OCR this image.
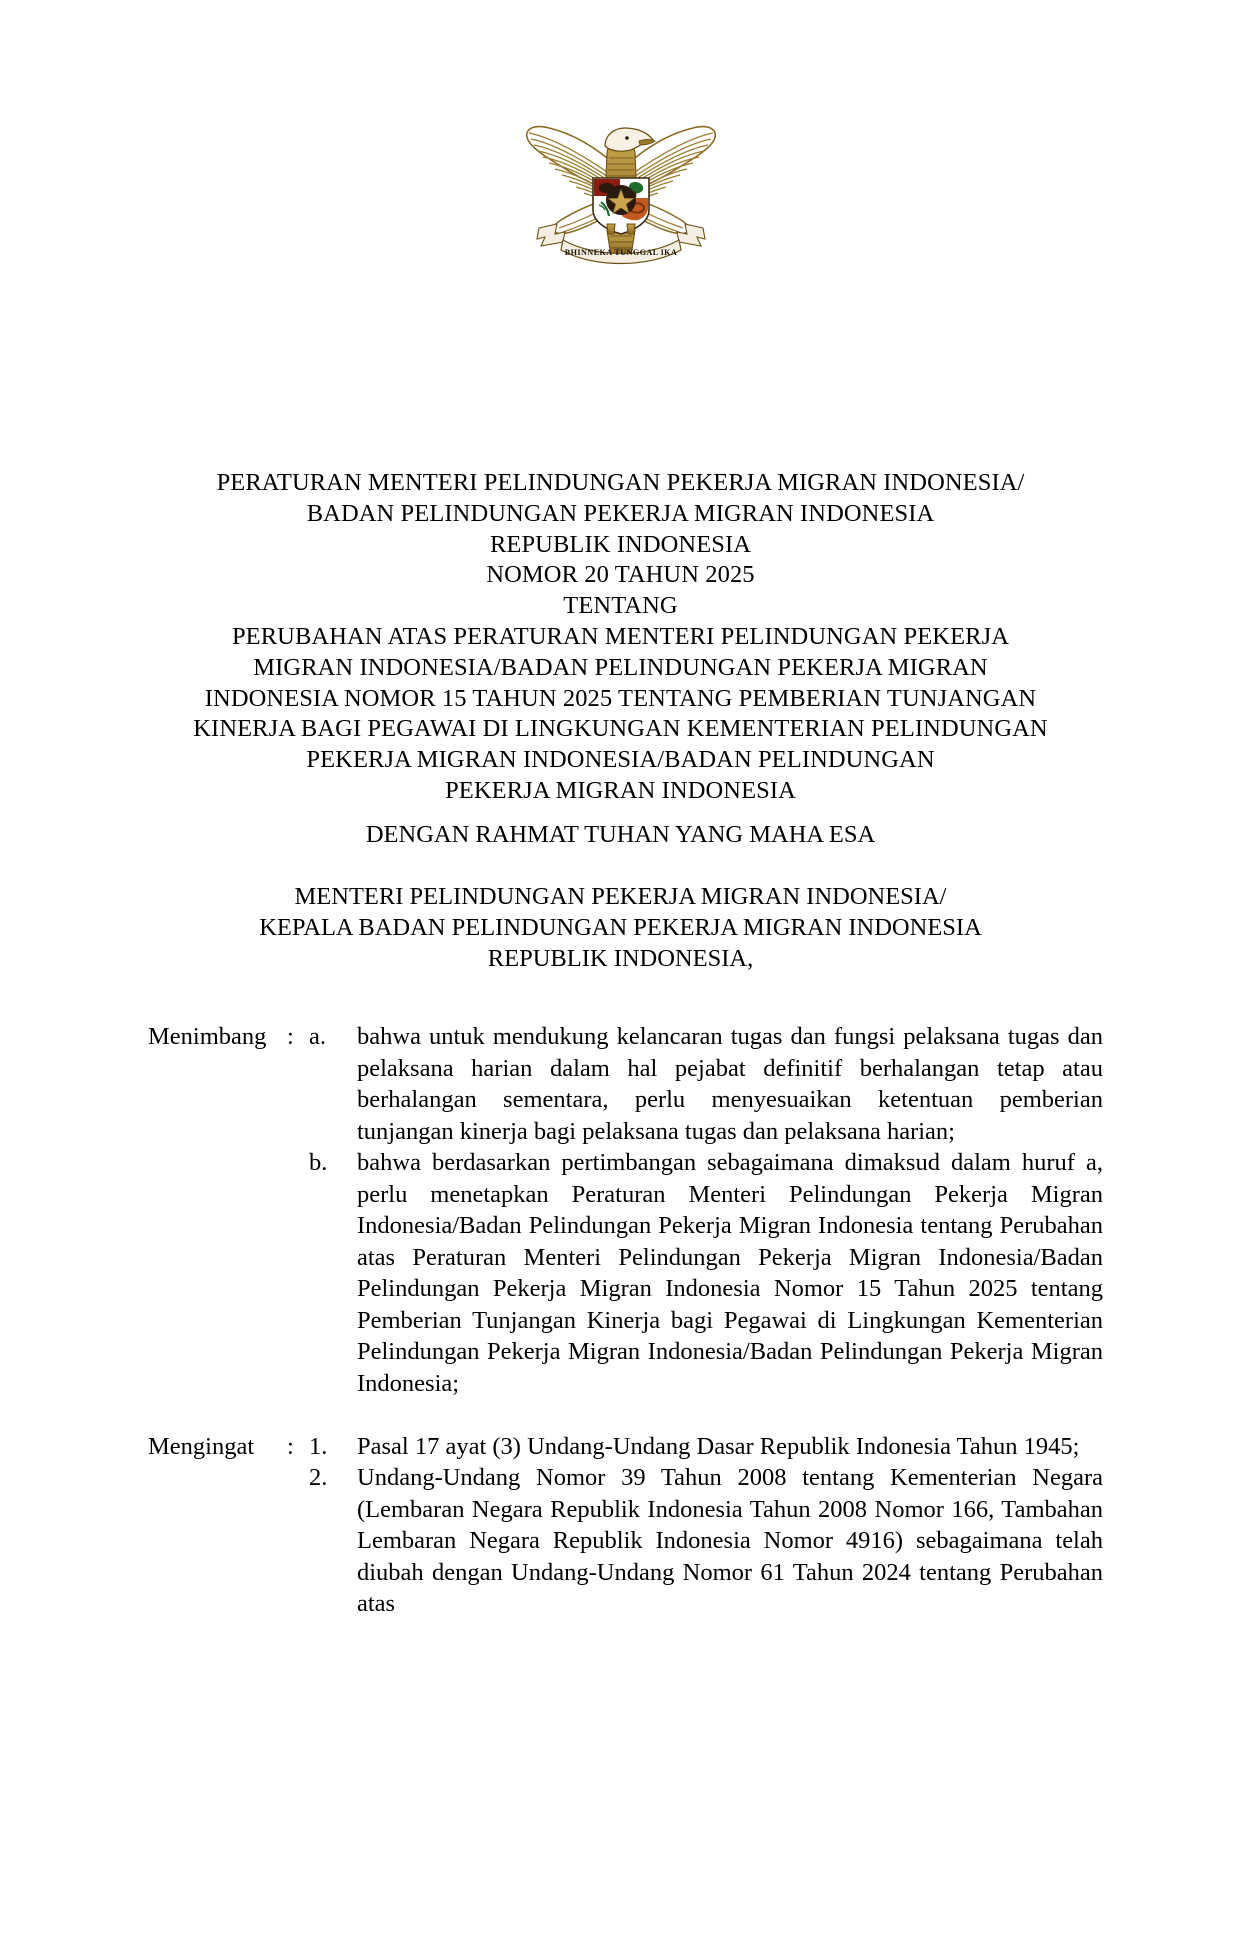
BHINNEKA TUNGGAL IKA
PERATURAN MENTERI PELINDUNGAN PEKERJA MIGRAN INDONESIA/
BADAN PELINDUNGAN PEKERJA MIGRAN INDONESIA
REPUBLIK INDONESIA
NOMOR 20 TAHUN 2025
TENTANG
PERUBAHAN ATAS PERATURAN MENTERI PELINDUNGAN PEKERJA
MIGRAN INDONESIA/BADAN PELINDUNGAN PEKERJA MIGRAN
INDONESIA NOMOR 15 TAHUN 2025 TENTANG PEMBERIAN TUNJANGAN
KINERJA BAGI PEGAWAI DI LINGKUNGAN KEMENTERIAN PELINDUNGAN
PEKERJA MIGRAN INDONESIA/BADAN PELINDUNGAN
PEKERJA MIGRAN INDONESIA
DENGAN RAHMAT TUHAN YANG MAHA ESA
MENTERI PELINDUNGAN PEKERJA MIGRAN INDONESIA/
KEPALA BADAN PELINDUNGAN PEKERJA MIGRAN INDONESIA
REPUBLIK INDONESIA,
Menimbang : a.	bahwa untuk mendukung kelancaran tugas dan fungsi pelaksana tugas dan pelaksana harian dalam hal pejabat definitif berhalangan tetap atau berhalangan sementara, perlu menyesuaikan ketentuan pemberian tunjangan kinerja bagi pelaksana tugas dan pelaksana harian;
b.	bahwa berdasarkan pertimbangan sebagaimana dimaksud dalam huruf a, perlu menetapkan Peraturan Menteri Pelindungan Pekerja Migran Indonesia/Badan Pelindungan Pekerja Migran Indonesia tentang Perubahan atas Peraturan Menteri Pelindungan Pekerja Migran Indonesia/Badan Pelindungan Pekerja Migran Indonesia Nomor 15 Tahun 2025 tentang Pemberian Tunjangan Kinerja bagi Pegawai di Lingkungan Kementerian Pelindungan Pekerja Migran Indonesia/Badan Pelindungan Pekerja Migran Indonesia;
Mengingat	: 1.	Pasal 17 ayat (3) Undang-Undang Dasar Republik Indonesia Tahun 1945;
2.	Undang-Undang Nomor 39 Tahun 2008 tentang Kementerian Negara (Lembaran Negara Republik Indonesia Tahun 2008 Nomor 166, Tambahan Lembaran Negara Republik Indonesia Nomor 4916) sebagaimana telah diubah dengan Undang-Undang Nomor 61 Tahun 2024 tentang Perubahan atas
